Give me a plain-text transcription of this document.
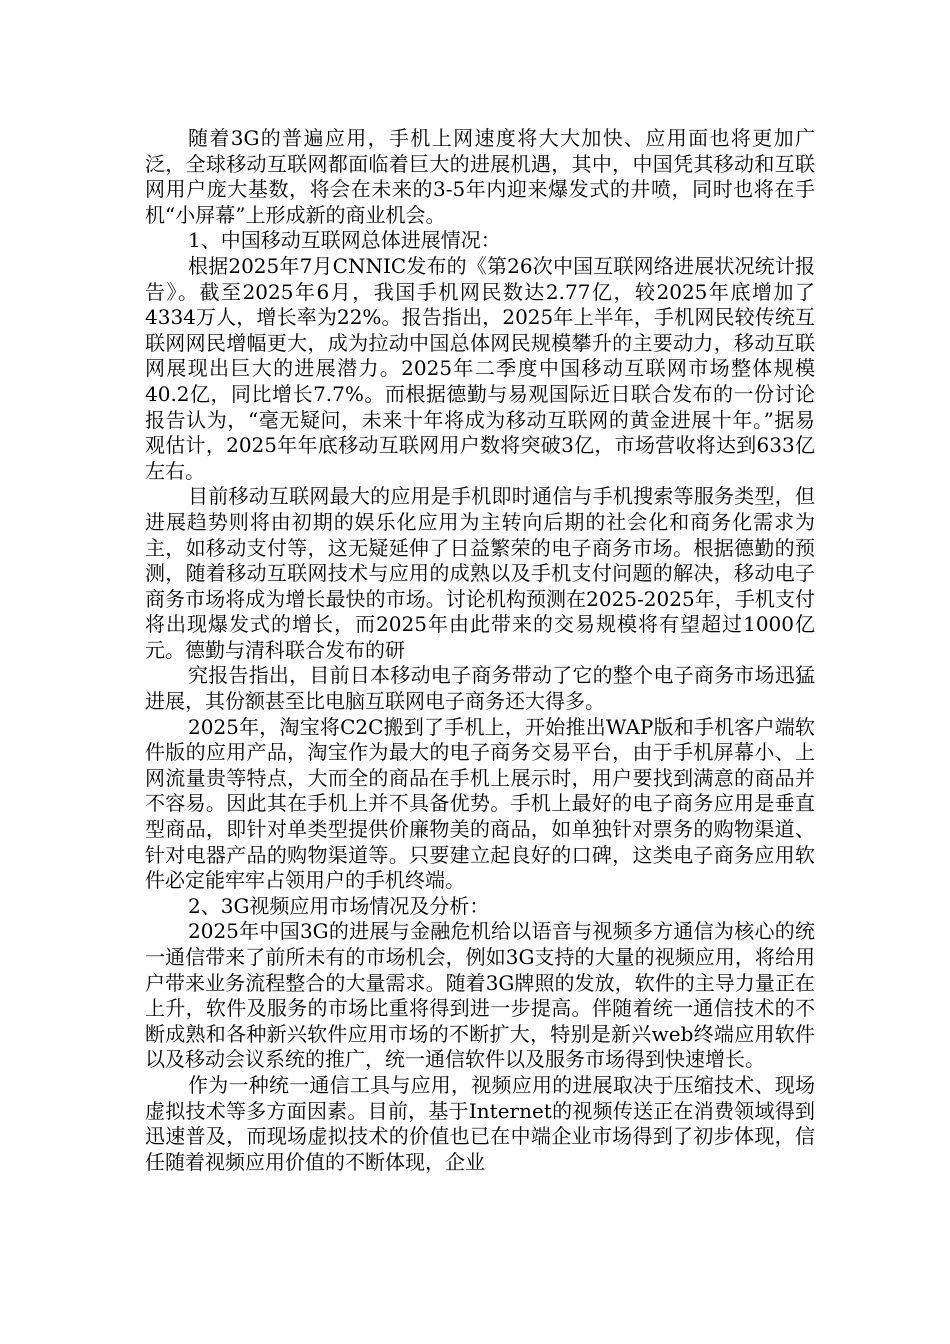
随着3G的普遍应用，手机上网速度将大大加快、应用面也将更加广泛，全球移动互联网都面临着巨大的进展机遇，其中，中国凭其移动和互联网用户庞大基数，将会在未来的3-5年内迎来爆发式的井喷，同时也将在手机“小屏幕”上形成新的商业机会。

1、中国移动互联网总体进展情况：

根据2025年7月CNNIC发布的《第26次中国互联网络进展状况统计报告》。截至2025年6月，我国手机网民数达2.77亿，较2025年底增加了4334万人，增长率为22%。报告指出，2025年上半年，手机网民较传统互联网网民增幅更大，成为拉动中国总体网民规模攀升的主要动力，移动互联网展现出巨大的进展潜力。2025年二季度中国移动互联网市场整体规模40.2亿，同比增长7.7%。而根据德勤与易观国际近日联合发布的一份讨论报告认为，“毫无疑问，未来十年将成为移动互联网的黄金进展十年。”据易观估计，2025年年底移动互联网用户数将突破3亿，市场营收将达到633亿左右。

目前移动互联网最大的应用是手机即时通信与手机搜索等服务类型，但进展趋势则将由初期的娱乐化应用为主转向后期的社会化和商务化需求为主，如移动支付等，这无疑延伸了日益繁荣的电子商务市场。根据德勤的预测，随着移动互联网技术与应用的成熟以及手机支付问题的解决，移动电子商务市场将成为增长最快的市场。讨论机构预测在2025-2025年，手机支付将出现爆发式的增长，而2025年由此带来的交易规模将有望超过1000亿元。德勤与清科联合发布的研

究报告指出，目前日本移动电子商务带动了它的整个电子商务市场迅猛进展，其份额甚至比电脑互联网电子商务还大得多。

2025年，淘宝将C2C搬到了手机上，开始推出WAP版和手机客户端软件版的应用产品，淘宝作为最大的电子商务交易平台，由于手机屏幕小、上网流量贵等特点，大而全的商品在手机上展示时，用户要找到满意的商品并不容易。因此其在手机上并不具备优势。手机上最好的电子商务应用是垂直型商品，即针对单类型提供价廉物美的商品，如单独针对票务的购物渠道、针对电器产品的购物渠道等。只要建立起良好的口碑，这类电子商务应用软件必定能牢牢占领用户的手机终端。

2、3G视频应用市场情况及分析：

2025年中国3G的进展与金融危机给以语音与视频多方通信为核心的统一通信带来了前所未有的市场机会，例如3G支持的大量的视频应用，将给用户带来业务流程整合的大量需求。随着3G牌照的发放，软件的主导力量正在上升，软件及服务的市场比重将得到进一步提高。伴随着统一通信技术的不断成熟和各种新兴软件应用市场的不断扩大，特别是新兴web终端应用软件以及移动会议系统的推广，统一通信软件以及服务市场得到快速增长。

作为一种统一通信工具与应用，视频应用的进展取决于压缩技术、现场虚拟技术等多方面因素。目前，基于Internet的视频传送正在消费领域得到迅速普及，而现场虚拟技术的价值也已在中端企业市场得到了初步体现，信任随着视频应用价值的不断体现，企业
